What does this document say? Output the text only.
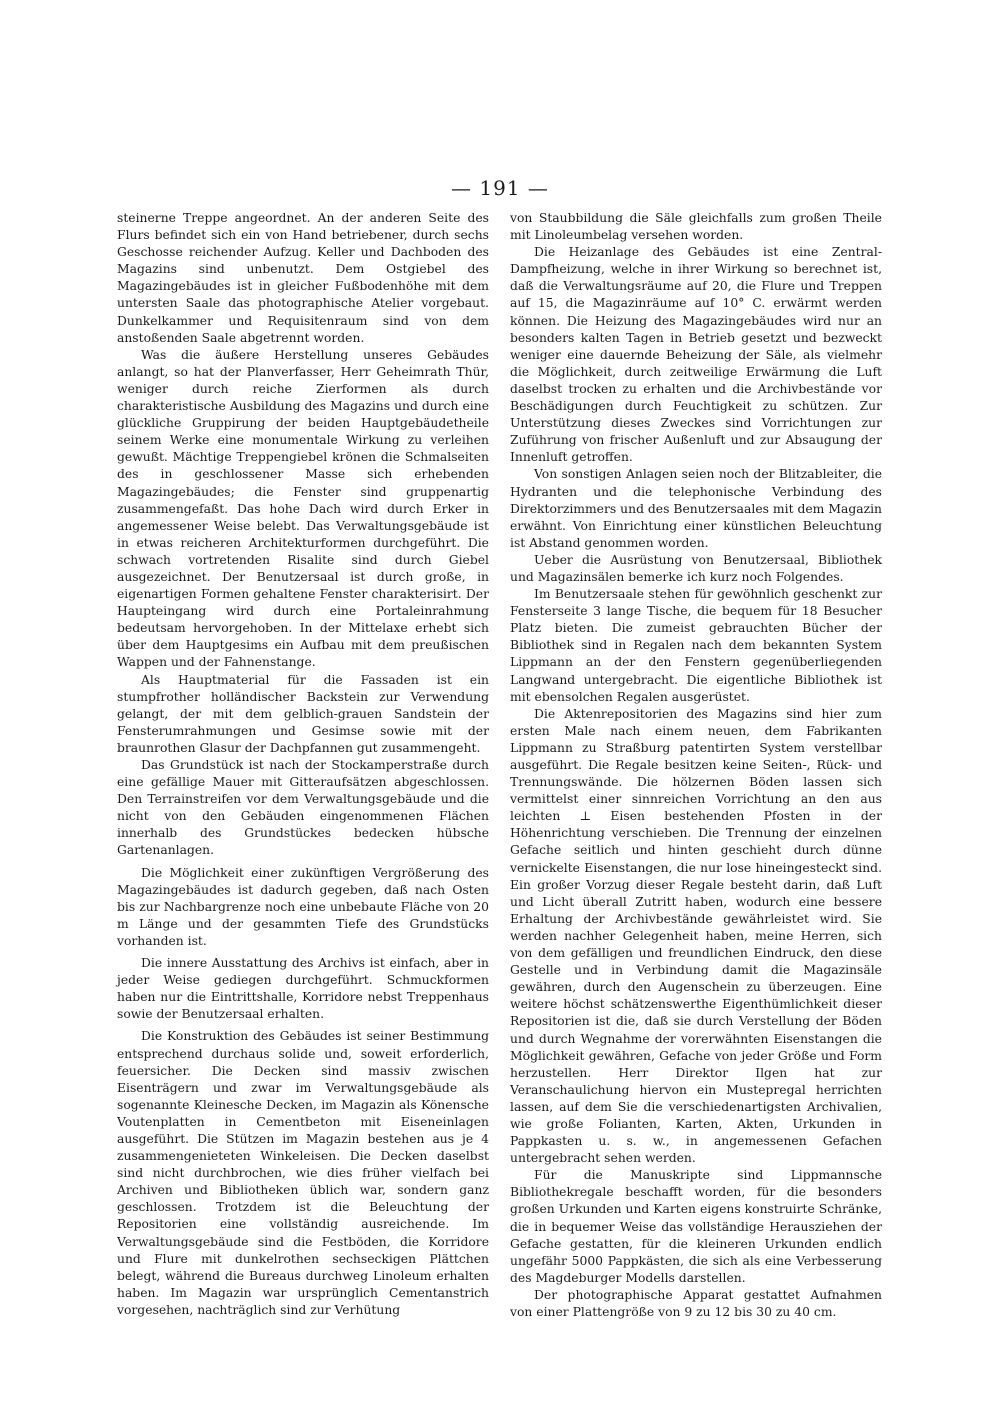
— 191 —

steinerne Treppe angeordnet. An der anderen Seite des Flurs befindet sich ein von Hand betriebener, durch sechs Geschosse reichender Aufzug. Keller und Dachboden des Magazins sind unbenutzt. Dem Ostgiebel des Magazingebäudes ist in gleicher Fußbodenhöhe mit dem untersten Saale das photographische Atelier vorgebaut. Dunkelkammer und Requisitenraum sind von dem anstoßenden Saale abgetrennt worden.

Was die äußere Herstellung unseres Gebäudes anlangt, so hat der Planverfasser, Herr Geheimrath Thür, weniger durch reiche Zierformen als durch charakteristische Ausbildung des Magazins und durch eine glückliche Gruppirung der beiden Hauptgebäudetheile seinem Werke eine monumentale Wirkung zu verleihen gewußt. Mächtige Treppengiebel krönen die Schmalseiten des in geschlossener Masse sich erhebenden Magazingebäudes; die Fenster sind gruppenartig zusammengefaßt. Das hohe Dach wird durch Erker in angemessener Weise belebt. Das Verwaltungsgebäude ist in etwas reicheren Architekturformen durchgeführt. Die schwach vortretenden Risalite sind durch Giebel ausgezeichnet. Der Benutzersaal ist durch große, in eigenartigen Formen gehaltene Fenster charakterisirt. Der Haupteingang wird durch eine Portaleinrahmung bedeutsam hervorgehoben. In der Mittelaxe erhebt sich über dem Hauptgesims ein Aufbau mit dem preußischen Wappen und der Fahnenstange.

Als Hauptmaterial für die Fassaden ist ein stumpfrother holländischer Backstein zur Verwendung gelangt, der mit dem gelblich-grauen Sandstein der Fensterumrahmungen und Gesimse sowie mit der braunrothen Glasur der Dachpfannen gut zusammengeht.

Das Grundstück ist nach der Stockamperstraße durch eine gefällige Mauer mit Gitteraufsätzen abgeschlossen. Den Terrainstreifen vor dem Verwaltungsgebäude und die nicht von den Gebäuden eingenommenen Flächen innerhalb des Grundstückes bedecken hübsche Gartenanlagen.

Die Möglichkeit einer zukünftigen Vergrößerung des Magazingebäudes ist dadurch gegeben, daß nach Osten bis zur Nachbargrenze noch eine unbebaute Fläche von 20 m Länge und der gesammten Tiefe des Grundstücks vorhanden ist.

Die innere Ausstattung des Archivs ist einfach, aber in jeder Weise gediegen durchgeführt. Schmuckformen haben nur die Eintrittshalle, Korridore nebst Treppenhaus sowie der Benutzersaal erhalten.

Die Konstruktion des Gebäudes ist seiner Bestimmung entsprechend durchaus solide und, soweit erforderlich, feuersicher. Die Decken sind massiv zwischen Eisenträgern und zwar im Verwaltungsgebäude als sogenannte Kleinesche Decken, im Magazin als Könensche Voutenplatten in Cementbeton mit Eiseneinlagen ausgeführt. Die Stützen im Magazin bestehen aus je 4 zusammengenieteten Winkeleisen. Die Decken daselbst sind nicht durchbrochen, wie dies früher vielfach bei Archiven und Bibliotheken üblich war, sondern ganz geschlossen. Trotzdem ist die Beleuchtung der Repositorien eine vollständig ausreichende. Im Verwaltungsgebäude sind die Festböden, die Korridore und Flure mit dunkelrothen sechseckigen Plättchen belegt, während die Bureaus durchweg Linoleum erhalten haben. Im Magazin war ursprünglich Cementanstrich vorgesehen, nachträglich sind zur Verhütung

von Staubbildung die Säle gleichfalls zum großen Theile mit Linoleumbelag versehen worden.

Die Heizanlage des Gebäudes ist eine Zentral-Dampfheizung, welche in ihrer Wirkung so berechnet ist, daß die Verwaltungsräume auf 20, die Flure und Treppen auf 15, die Magazinräume auf 10° C. erwärmt werden können. Die Heizung des Magazingebäudes wird nur an besonders kalten Tagen in Betrieb gesetzt und bezweckt weniger eine dauernde Beheizung der Säle, als vielmehr die Möglichkeit, durch zeitweilige Erwärmung die Luft daselbst trocken zu erhalten und die Archivbestände vor Beschädigungen durch Feuchtigkeit zu schützen. Zur Unterstützung dieses Zweckes sind Vorrichtungen zur Zuführung von frischer Außenluft und zur Absaugung der Innenluft getroffen.

Von sonstigen Anlagen seien noch der Blitzableiter, die Hydranten und die telephonische Verbindung des Direktorzimmers und des Benutzersaales mit dem Magazin erwähnt. Von Einrichtung einer künstlichen Beleuchtung ist Abstand genommen worden.

Ueber die Ausrüstung von Benutzersaal, Bibliothek und Magazinsälen bemerke ich kurz noch Folgendes.

Im Benutzersaale stehen für gewöhnlich geschenkt zur Fensterseite 3 lange Tische, die bequem für 18 Besucher Platz bieten. Die zumeist gebrauchten Bücher der Bibliothek sind in Regalen nach dem bekannten System Lippmann an der den Fenstern gegenüberliegenden Langwand untergebracht. Die eigentliche Bibliothek ist mit ebensolchen Regalen ausgerüstet.

Die Aktenrepositorien des Magazins sind hier zum ersten Male nach einem neuen, dem Fabrikanten Lippmann zu Straßburg patentirten System verstellbar ausgeführt. Die Regale besitzen keine Seiten-, Rück- und Trennungswände. Die hölzernen Böden lassen sich vermittelst einer sinnreichen Vorrichtung an den aus leichten ⊥ Eisen bestehenden Pfosten in der Höhenrichtung verschieben. Die Trennung der einzelnen Gefache seitlich und hinten geschieht durch dünne vernickelte Eisenstangen, die nur lose hineingesteckt sind. Ein großer Vorzug dieser Regale besteht darin, daß Luft und Licht überall Zutritt haben, wodurch eine bessere Erhaltung der Archivbestände gewährleistet wird. Sie werden nachher Gelegenheit haben, meine Herren, sich von dem gefälligen und freundlichen Eindruck, den diese Gestelle und in Verbindung damit die Magazinsäle gewähren, durch den Augenschein zu überzeugen. Eine weitere höchst schätzenswerthe Eigenthümlichkeit dieser Repositorien ist die, daß sie durch Verstellung der Böden und durch Wegnahme der vorerwähnten Eisenstangen die Möglichkeit gewähren, Gefache von jeder Größe und Form herzustellen. Herr Direktor Ilgen hat zur Veranschaulichung hiervon ein Mustерregal herrichten lassen, auf dem Sie die verschiedenartigsten Archivalien, wie große Folianten, Karten, Akten, Urkunden in Pappkasten u. s. w., in angemessenen Gefachen untergebracht sehen werden.

Für die Manuskripte sind Lippmannsche Bibliothekregale beschafft worden, für die besonders großen Urkunden und Karten eigens konstruirte Schränke, die in bequemer Weise das vollständige Herausziehen der Gefache gestatten, für die kleineren Urkunden endlich ungefähr 5000 Pappkästen, die sich als eine Verbesserung des Magdeburger Modells darstellen.

Der photographische Apparat gestattet Aufnahmen von einer Plattengröße von 9 zu 12 bis 30 zu 40 cm.
